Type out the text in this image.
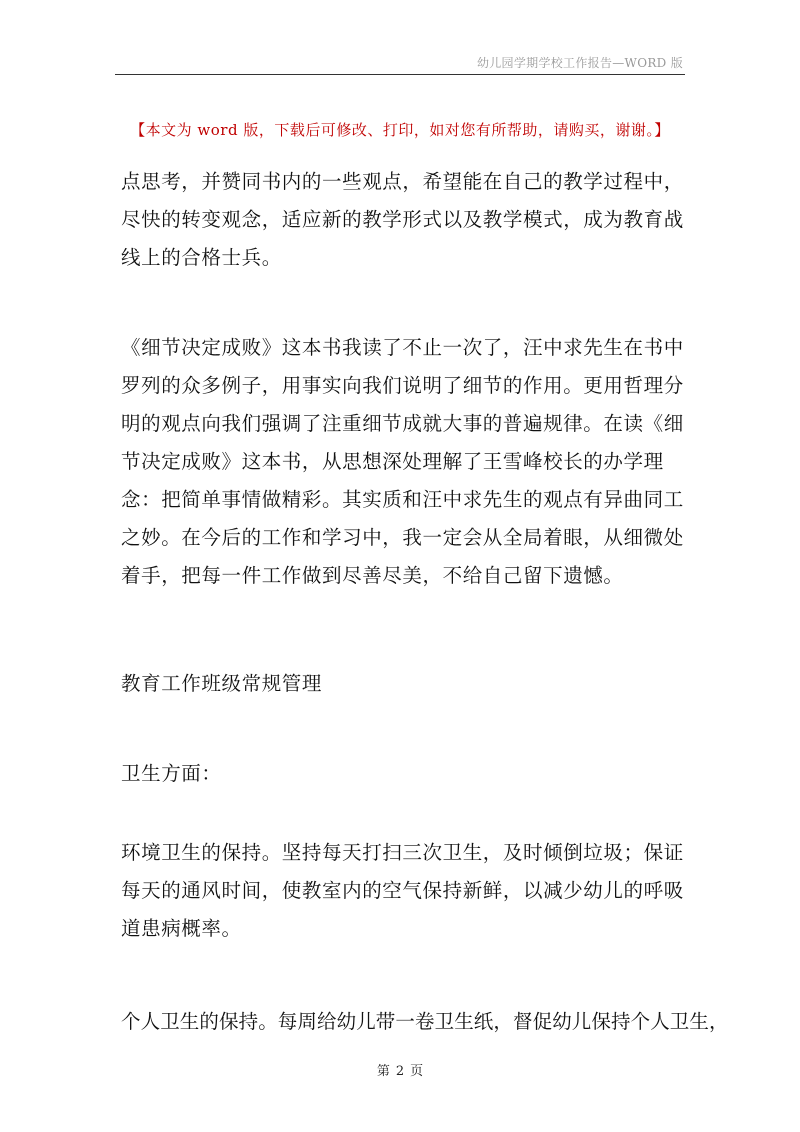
幼儿园学期学校工作报告—WORD 版
【本文为 word 版，下载后可修改、打印，如对您有所帮助，请购买，谢谢。】
baogao8.com

点思考，并赞同书内的一些观点，希望能在自己的教学过程中，尽快的转变观念，适应新的教学形式以及教学模式，成为教育战线上的合格士兵。

《细节决定成败》这本书我读了不止一次了，汪中求先生在书中罗列的众多例子，用事实向我们说明了细节的作用。更用哲理分明的观点向我们强调了注重细节成就大事的普遍规律。在读《细节决定成败》这本书，从思想深处理解了王雪峰校长的办学理念：把简单事情做精彩。其实质和汪中求先生的观点有异曲同工之妙。在今后的工作和学习中，我一定会从全局着眼，从细微处着手，把每一件工作做到尽善尽美，不给自己留下遗憾。

教育工作班级常规管理

卫生方面：

环境卫生的保持。坚持每天打扫三次卫生，及时倾倒垃圾；保证每天的通风时间，使教室内的空气保持新鲜，以减少幼儿的呼吸道患病概率。

个人卫生的保持。每周给幼儿带一卷卫生纸，督促幼儿保持个人卫生，

第 2 页
